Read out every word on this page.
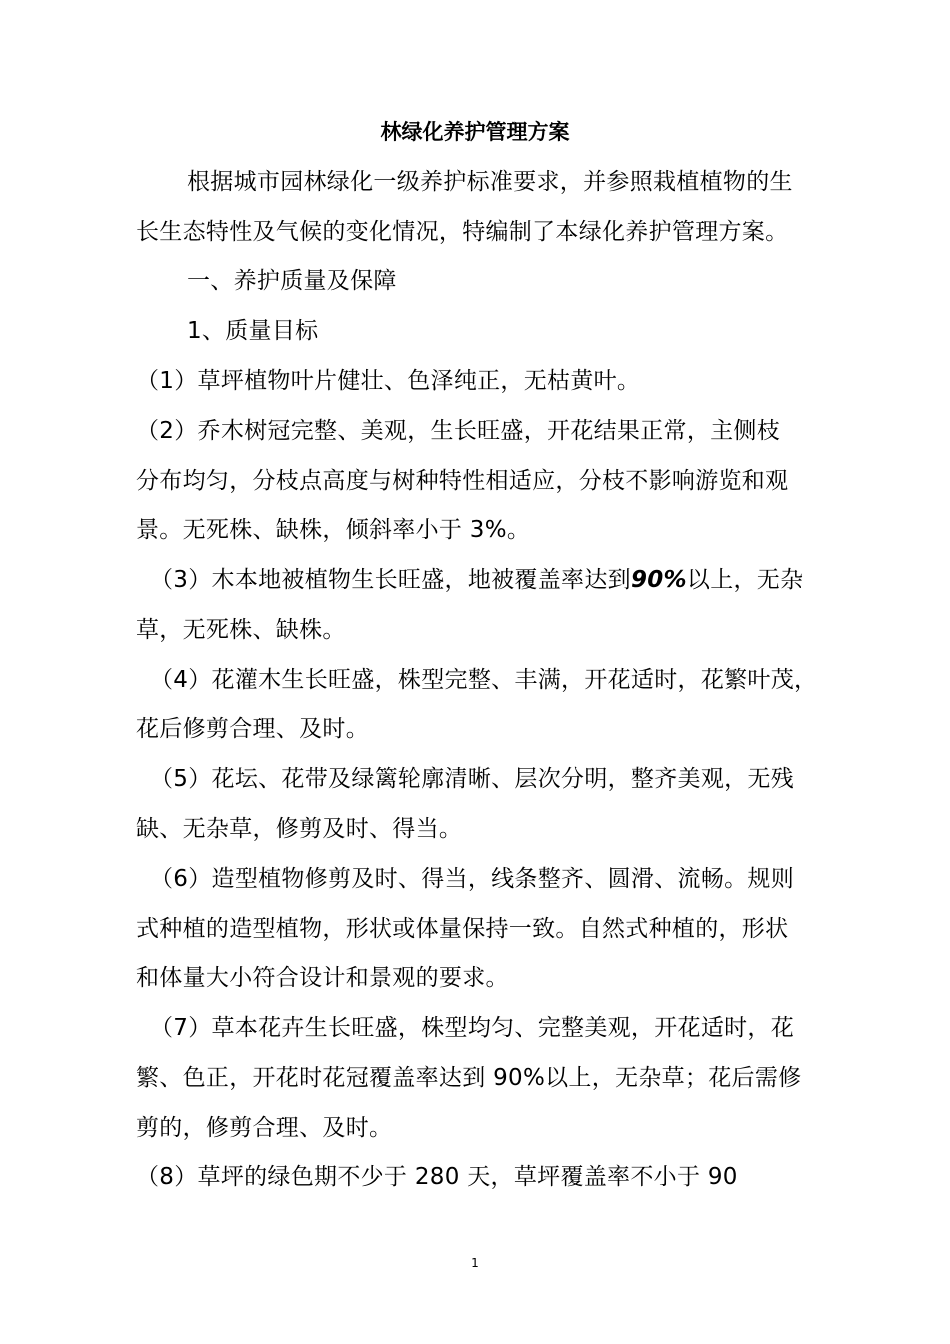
林绿化养护管理方案
根据城市园林绿化一级养护标准要求，并参照栽植植物的生
长生态特性及气候的变化情况，特编制了本绿化养护管理方案。
一、养护质量及保障
1、质量目标
（1）草坪植物叶片健壮、色泽纯正，无枯黄叶。
（2）乔木树冠完整、美观，生长旺盛，开花结果正常，主侧枝
分布均匀，分枝点高度与树种特性相适应，分枝不影响游览和观
景。无死株、缺株，倾斜率小于 3%。
（3）木本地被植物生长旺盛，地被覆盖率达到90%以上，无杂
草，无死株、缺株。
（4）花灌木生长旺盛，株型完整、丰满，开花适时，花繁叶茂，
花后修剪合理、及时。
（5）花坛、花带及绿篱轮廓清晰、层次分明，整齐美观，无残
缺、无杂草，修剪及时、得当。
（6）造型植物修剪及时、得当，线条整齐、圆滑、流畅。规则
式种植的造型植物，形状或体量保持一致。自然式种植的，形状
和体量大小符合设计和景观的要求。
（7）草本花卉生长旺盛，株型均匀、完整美观，开花适时，花
繁、色正，开花时花冠覆盖率达到 90%以上，无杂草；花后需修
剪的，修剪合理、及时。
（8）草坪的绿色期不少于 280 天，草坪覆盖率不小于 90
1
